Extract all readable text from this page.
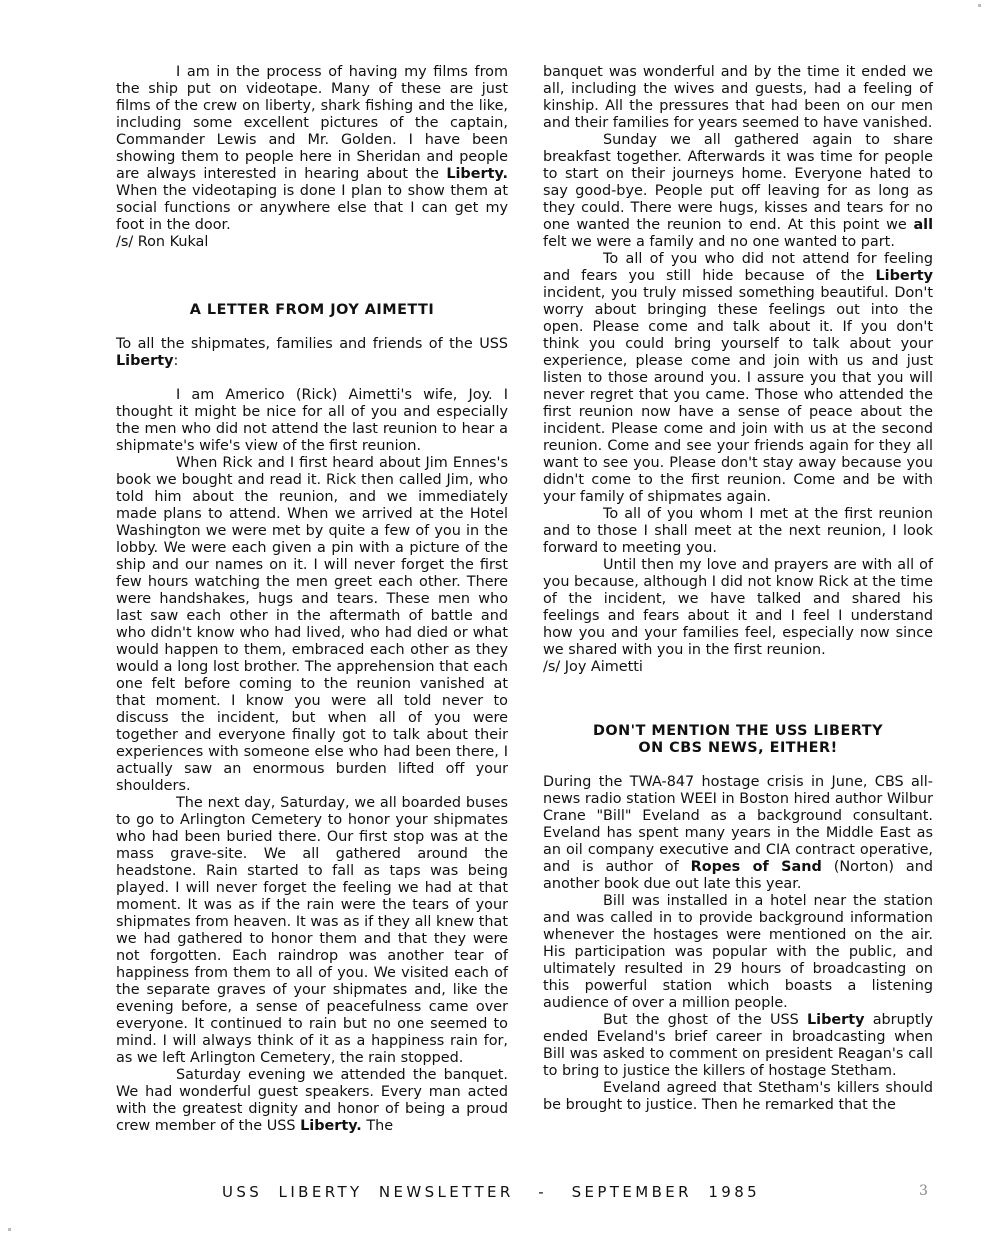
I am in the process of having my films from the ship put on videotape. Many of these are just films of the crew on liberty, shark fishing and the like, including some excellent pictures of the captain, Commander Lewis and Mr. Golden. I have been showing them to people here in Sheridan and people are always interested in hearing about the Liberty. When the videotaping is done I plan to show them at social functions or anywhere else that I can get my foot in the door.

/s/ Ron Kukal

A LETTER FROM JOY AIMETTI

To all the shipmates, families and friends of the USS Liberty:

I am Americo (Rick) Aimetti's wife, Joy. I thought it might be nice for all of you and especially the men who did not attend the last reunion to hear a shipmate's wife's view of the first reunion.

When Rick and I first heard about Jim Ennes's book we bought and read it. Rick then called Jim, who told him about the reunion, and we immediately made plans to attend. When we arrived at the Hotel Washington we were met by quite a few of you in the lobby. We were each given a pin with a picture of the ship and our names on it. I will never forget the first few hours watching the men greet each other. There were handshakes, hugs and tears. These men who last saw each other in the aftermath of battle and who didn't know who had lived, who had died or what would happen to them, embraced each other as they would a long lost brother. The apprehension that each one felt before coming to the reunion vanished at that moment. I know you were all told never to discuss the incident, but when all of you were together and everyone finally got to talk about their experiences with someone else who had been there, I actually saw an enormous burden lifted off your shoulders.

The next day, Saturday, we all boarded buses to go to Arlington Cemetery to honor your shipmates who had been buried there. Our first stop was at the mass grave-site. We all gathered around the headstone. Rain started to fall as taps was being played. I will never forget the feeling we had at that moment. It was as if the rain were the tears of your shipmates from heaven. It was as if they all knew that we had gathered to honor them and that they were not forgotten. Each raindrop was another tear of happiness from them to all of you. We visited each of the separate graves of your shipmates and, like the evening before, a sense of peacefulness came over everyone. It continued to rain but no one seemed to mind. I will always think of it as a happiness rain for, as we left Arlington Cemetery, the rain stopped.

Saturday evening we attended the banquet. We had wonderful guest speakers. Every man acted with the greatest dignity and honor of being a proud crew member of the USS Liberty. The

banquet was wonderful and by the time it ended we all, including the wives and guests, had a feeling of kinship. All the pressures that had been on our men and their families for years seemed to have vanished.

Sunday we all gathered again to share breakfast together. Afterwards it was time for people to start on their journeys home. Everyone hated to say good-bye. People put off leaving for as long as they could. There were hugs, kisses and tears for no one wanted the reunion to end. At this point we all felt we were a family and no one wanted to part.

To all of you who did not attend for feeling and fears you still hide because of the Liberty incident, you truly missed something beautiful. Don't worry about bringing these feelings out into the open. Please come and talk about it. If you don't think you could bring yourself to talk about your experience, please come and join with us and just listen to those around you. I assure you that you will never regret that you came. Those who attended the first reunion now have a sense of peace about the incident. Please come and join with us at the second reunion. Come and see your friends again for they all want to see you. Please don't stay away because you didn't come to the first reunion. Come and be with your family of shipmates again.

To all of you whom I met at the first reunion and to those I shall meet at the next reunion, I look forward to meeting you.

Until then my love and prayers are with all of you because, although I did not know Rick at the time of the incident, we have talked and shared his feelings and fears about it and I feel I understand how you and your families feel, especially now since we shared with you in the first reunion.

/s/ Joy Aimetti

DON'T MENTION THE USS LIBERTY

ON CBS NEWS, EITHER!

During the TWA-847 hostage crisis in June, CBS all-news radio station WEEI in Boston hired author Wilbur Crane "Bill" Eveland as a background consultant. Eveland has spent many years in the Middle East as an oil company executive and CIA contract operative, and is author of Ropes of Sand (Norton) and another book due out late this year.

Bill was installed in a hotel near the station and was called in to provide background information whenever the hostages were mentioned on the air. His participation was popular with the public, and ultimately resulted in 29 hours of broadcasting on this powerful station which boasts a listening audience of over a million people.

But the ghost of the USS Liberty abruptly ended Eveland's brief career in broadcasting when Bill was asked to comment on president Reagan's call to bring to justice the killers of hostage Stetham.

Eveland agreed that Stetham's killers should be brought to justice. Then he remarked that the

USS  LIBERTY  NEWSLETTER   -   SEPTEMBER  1985	3
